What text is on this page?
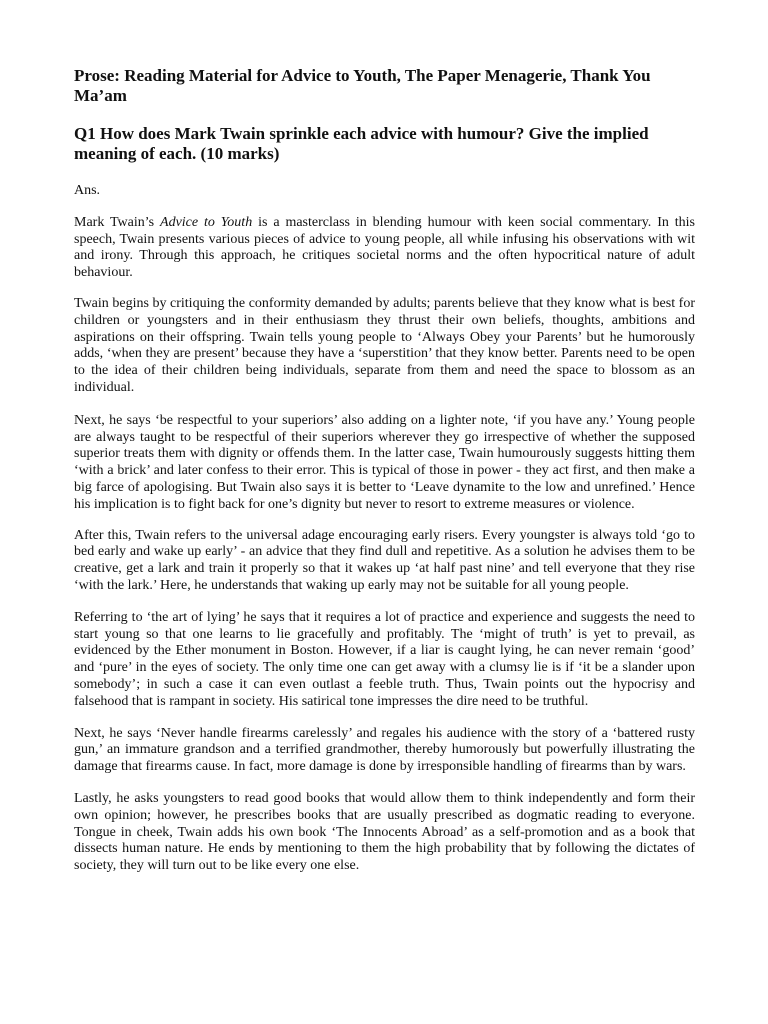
Prose: Reading Material for Advice to Youth, The Paper Menagerie, Thank You Ma’am

Q1 How does Mark Twain sprinkle each advice with humour? Give the implied meaning of each. (10 marks)

Ans.

Mark Twain’s Advice to Youth is a masterclass in blending humour with keen social commentary. In this speech, Twain presents various pieces of advice to young people, all while infusing his observations with wit and irony. Through this approach, he critiques societal norms and the often hypocritical nature of adult behaviour.

Twain begins by critiquing the conformity demanded by adults; parents believe that they know what is best for children or youngsters and in their enthusiasm they thrust their own beliefs, thoughts, ambitions and aspirations on their offspring. Twain tells young people to ‘Always Obey your Parents’ but he humorously adds, ‘when they are present’ because they have a ‘superstition’ that they know better. Parents need to be open to the idea of their children being individuals, separate from them and need the space to blossom as an individual.

Next, he says ‘be respectful to your superiors’ also adding on a lighter note, ‘if you have any.’ Young people are always taught to be respectful of their superiors wherever they go irrespective of whether the supposed superior treats them with dignity or offends them. In the latter case, Twain humourously suggests hitting them ‘with a brick’ and later confess to their error. This is typical of those in power - they act first, and then make a big farce of apologising. But Twain also says it is better to ‘Leave dynamite to the low and unrefined.’ Hence his implication is to fight back for one’s dignity but never to resort to extreme measures or violence.

After this, Twain refers to the universal adage encouraging early risers. Every youngster is always told ‘go to bed early and wake up early’ - an advice that they find dull and repetitive. As a solution he advises them to be creative, get a lark and train it properly so that it wakes up ‘at half past nine’ and tell everyone that they rise ‘with the lark.’ Here, he understands that waking up early may not be suitable for all young people.

Referring to ‘the art of lying’ he says that it requires a lot of practice and experience and suggests the need to start young so that one learns to lie gracefully and profitably. The ‘might of truth’ is yet to prevail, as evidenced by the Ether monument in Boston. However, if a liar is caught lying, he can never remain ‘good’ and ‘pure’ in the eyes of society. The only time one can get away with a clumsy lie is if ‘it be a slander upon somebody’; in such a case it can even outlast a feeble truth. Thus, Twain points out the hypocrisy and falsehood that is rampant in society. His satirical tone impresses the dire need to be truthful.

Next, he says ‘Never handle firearms carelessly’ and regales his audience with the story of a ‘battered rusty gun,’ an immature grandson and a terrified grandmother, thereby humorously but powerfully illustrating the damage that firearms cause. In fact, more damage is done by irresponsible handling of firearms than by wars.

Lastly, he asks youngsters to read good books that would allow them to think independently and form their own opinion; however, he prescribes books that are usually prescribed as dogmatic reading to everyone. Tongue in cheek, Twain adds his own book ‘The Innocents Abroad’ as a self-promotion and as a book that dissects human nature. He ends by mentioning to them the high probability that by following the dictates of society, they will turn out to be like every one else.
